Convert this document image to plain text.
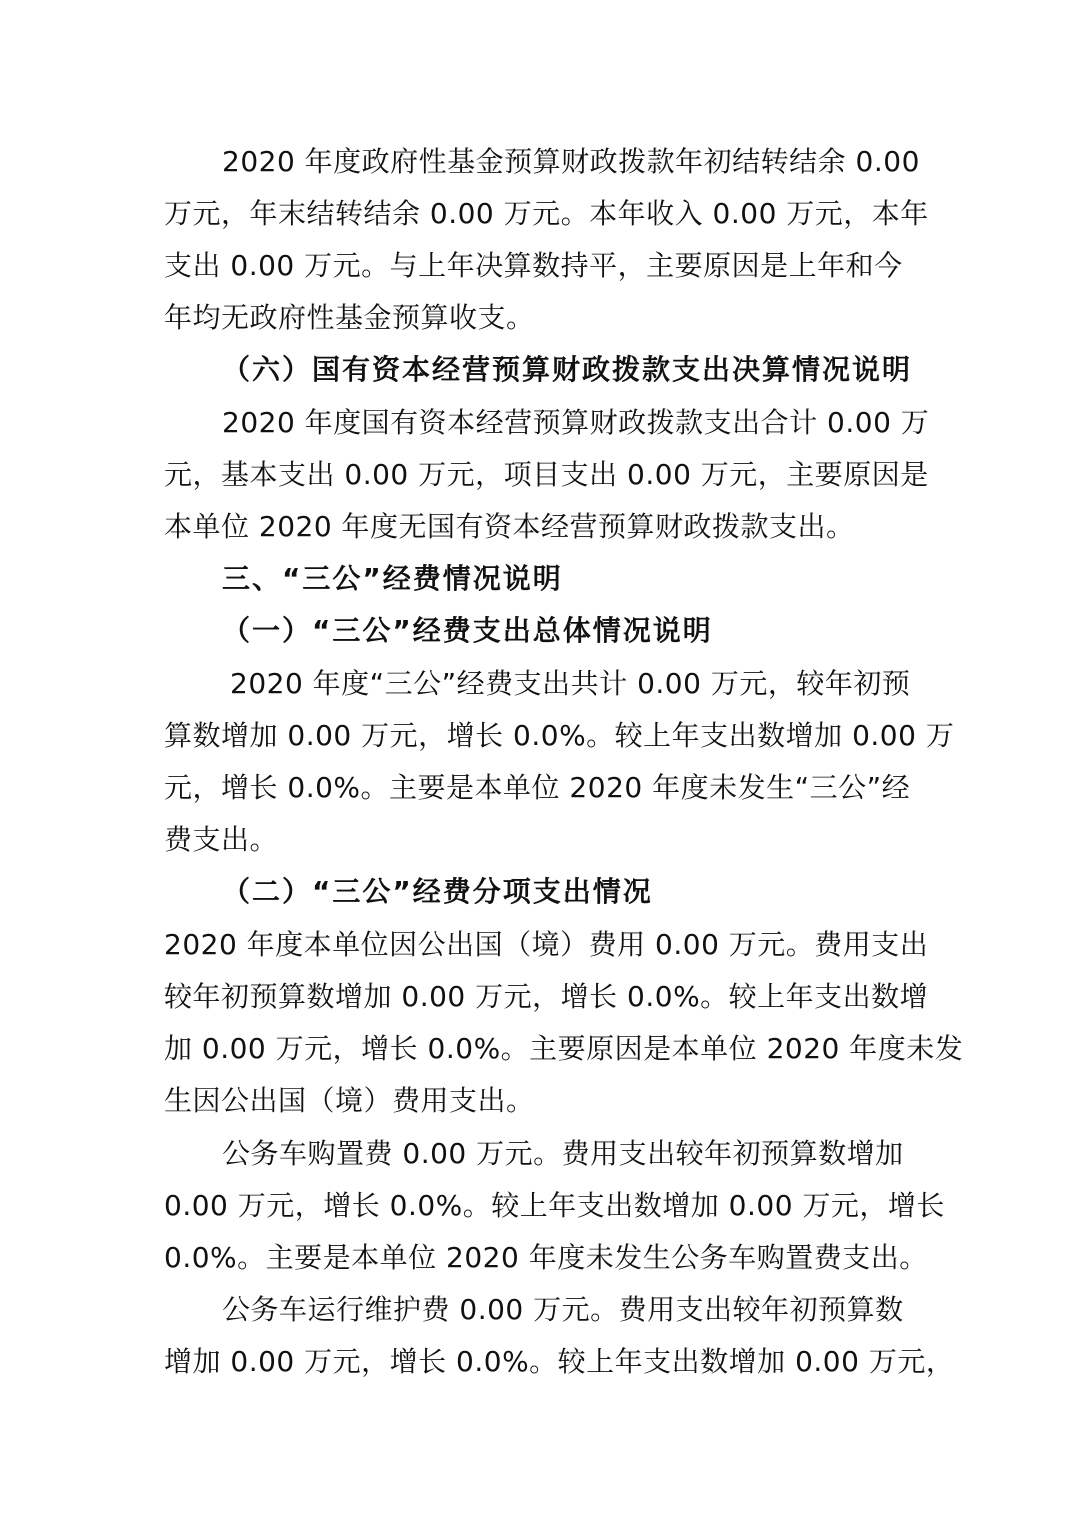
2020 年度政府性基金预算财政拨款年初结转结余 0.00
万元，年末结转结余 0.00 万元。本年收入 0.00 万元，本年
支出 0.00 万元。与上年决算数持平，主要原因是上年和今
年均无政府性基金预算收支。
（六）国有资本经营预算财政拨款支出决算情况说明
2020 年度国有资本经营预算财政拨款支出合计 0.00 万
元，基本支出 0.00 万元，项目支出 0.00 万元，主要原因是
本单位 2020 年度无国有资本经营预算财政拨款支出。
三、“三公”经费情况说明
（一）“三公”经费支出总体情况说明
2020 年度“三公”经费支出共计 0.00 万元，较年初预
算数增加 0.00 万元，增长 0.0%。较上年支出数增加 0.00 万
元，增长 0.0%。主要是本单位 2020 年度未发生“三公”经
费支出。
（二）“三公”经费分项支出情况
2020 年度本单位因公出国（境）费用 0.00 万元。费用支出
较年初预算数增加 0.00 万元，增长 0.0%。较上年支出数增
加 0.00 万元，增长 0.0%。主要原因是本单位 2020 年度未发
生因公出国（境）费用支出。
公务车购置费 0.00 万元。费用支出较年初预算数增加
0.00 万元，增长 0.0%。较上年支出数增加 0.00 万元，增长
0.0%。主要是本单位 2020 年度未发生公务车购置费支出。
公务车运行维护费 0.00 万元。费用支出较年初预算数
增加 0.00 万元，增长 0.0%。较上年支出数增加 0.00 万元，
